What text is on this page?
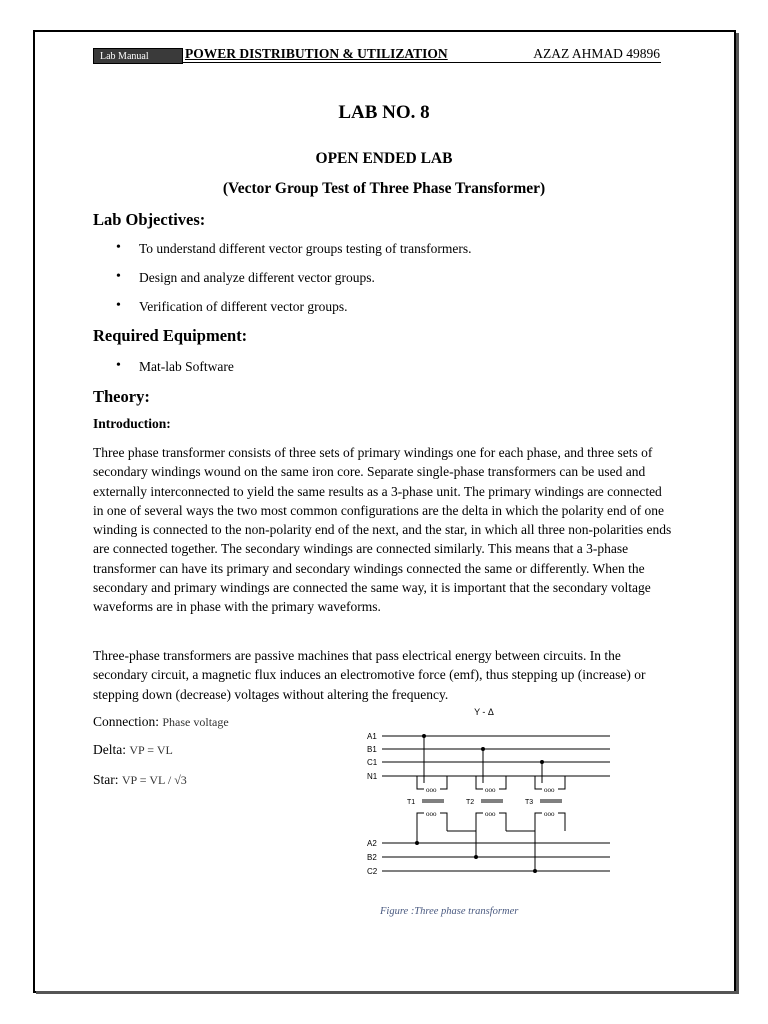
POWER DISTRIBUTION & UTILIZATION
Lab Manual	AZAZ AHMAD 49896
LAB NO. 8
OPEN ENDED LAB
(Vector Group Test of Three Phase Transformer)
Lab Objectives:
• To understand different vector groups testing of transformers.
• Design and analyze different vector groups.
• Verification of different vector groups.
Required Equipment:
• Mat-lab Software
Theory:
Introduction:

Three phase transformer consists of three sets of primary windings one for each phase, and three sets of secondary windings wound on the same iron core. Separate single-phase transformers can be used and externally interconnected to yield the same results as a 3-phase unit. The primary windings are connected in one of several ways the two most common configurations are the delta in which the polarity end of one winding is connected to the non-polarity end of the next, and the star, in which all three non-polarities ends are connected together. The secondary windings are connected similarly. This means that a 3-phase transformer can have its primary and secondary windings connected the same or differently. When the secondary and primary windings are connected the same way, it is important that the secondary voltage waveforms are in phase with the primary waveforms.

Three-phase transformers are passive machines that pass electrical energy between circuits. In the secondary circuit, a magnetic flux induces an electromotive force (emf), thus stepping up (increase) or stepping down (decrease) voltages without altering the frequency.

Connection: Phase voltage
Delta: VP = VL
Star: VP = VL / √3
Y - Δ
A1
B1
C1
N1
ooo
ooo
ooo
ooo
ooo
ooo
T1	T2	T3
A2
B2
C2
Figure :Three phase transformer
